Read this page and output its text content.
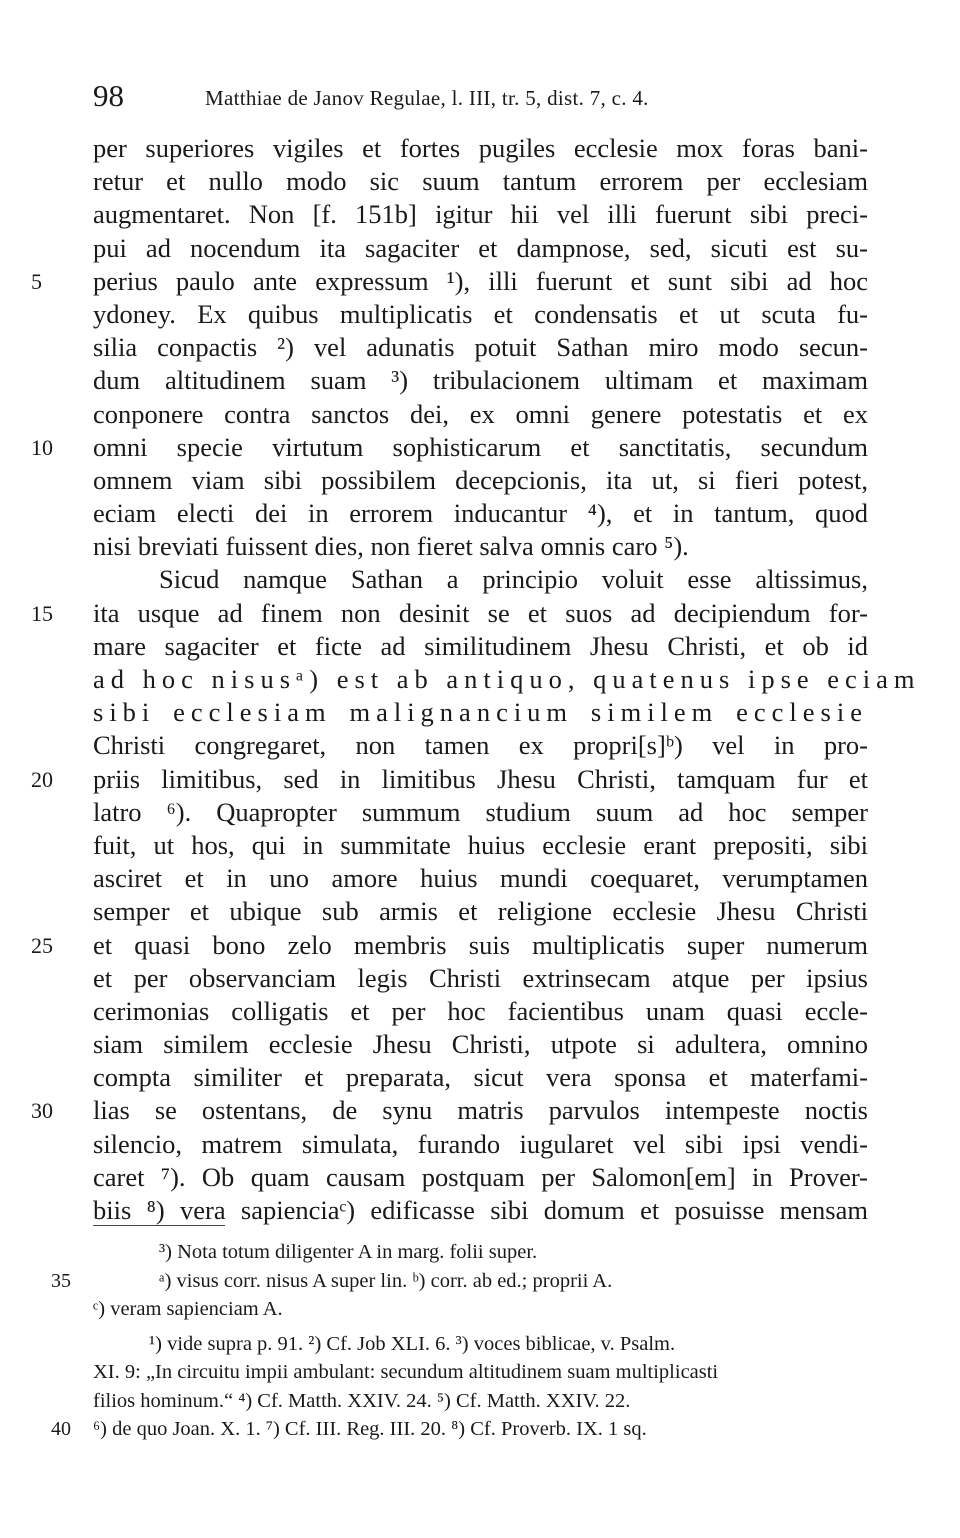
98	Matthiae de Janov Regulae, l. III, tr. 5, dist. 7, c. 4.
per superiores vigiles et fortes pugiles ecclesie mox foras bani-
retur et nullo modo sic suum tantum errorem per ecclesiam
augmentaret. Non [f. 151b] igitur hii vel illi fuerunt sibi preci-
pui ad nocendum ita sagaciter et dampnose, sed, sicuti est su-
5	perius paulo ante expressum ¹), illi fuerunt et sunt sibi ad hoc
ydoney. Ex quibus multiplicatis et condensatis et ut scuta fu-
silia conpactis ²) vel adunatis potuit Sathan miro modo secun-
dum altitudinem suam ³) tribulacionem ultimam et maximam
conponere contra sanctos dei, ex omni genere potestatis et ex
10	omni specie virtutum sophisticarum et sanctitatis, secundum
omnem viam sibi possibilem decepcionis, ita ut, si fieri potest,
eciam electi dei in errorem inducantur ⁴), et in tantum, quod
nisi breviati fuissent dies, non fieret salva omnis caro ⁵).
Sicud namque Sathan a principio voluit esse altissimus,
15	ita usque ad finem non desinit se et suos ad decipiendum for-
mare sagaciter et ficte ad similitudinem Jhesu Christi, et ob id
ad hoc nisusᵃ) est ab antiquo, quatenus ipse eciam
sibi ecclesiam malignancium similem ecclesie
Christi congregaret, non tamen ex propri[s]ᵇ) vel in pro-
20	priis limitibus, sed in limitibus Jhesu Christi, tamquam fur et
latro ⁶). Quapropter summum studium suum ad hoc semper
fuit, ut hos, qui in summitate huius ecclesie erant prepositi, sibi
asciret et in uno amore huius mundi coequaret, verumptamen
semper et ubique sub armis et religione ecclesie Jhesu Christi
25	et quasi bono zelo membris suis multiplicatis super numerum
et per observanciam legis Christi extrinsecam atque per ipsius
cerimonias colligatis et per hoc facientibus unam quasi eccle-
siam similem ecclesie Jhesu Christi, utpote si adultera, omnino
compta similiter et preparata, sicut vera sponsa et materfami-
30	lias se ostentans, de synu matris parvulos intempeste noctis
silencio, matrem simulata, furando iugularet vel sibi ipsi vendi-
caret ⁷). Ob quam causam postquam per Salomon[em] in Prover-
biis ⁸) vera sapienciaᶜ) edificasse sibi domum et posuisse mensam
³) Nota totum diligenter A in marg. folii super.
35	ᵃ) visus corr. nisus A super lin. ᵇ) corr. ab ed.; proprii A.
ᶜ) veram sapienciam A.
¹) vide supra p. 91. ²) Cf. Job XLI. 6. ³) voces biblicae, v. Psalm.
XI. 9: „In circuitu impii ambulant: secundum altitudinem suam multiplicasti
filios hominum.“ ⁴) Cf. Matth. XXIV. 24. ⁵) Cf. Matth. XXIV. 22.
40 ⁶) de quo Joan. X. 1. ⁷) Cf. III. Reg. III. 20. ⁸) Cf. Proverb. IX. 1 sq.
